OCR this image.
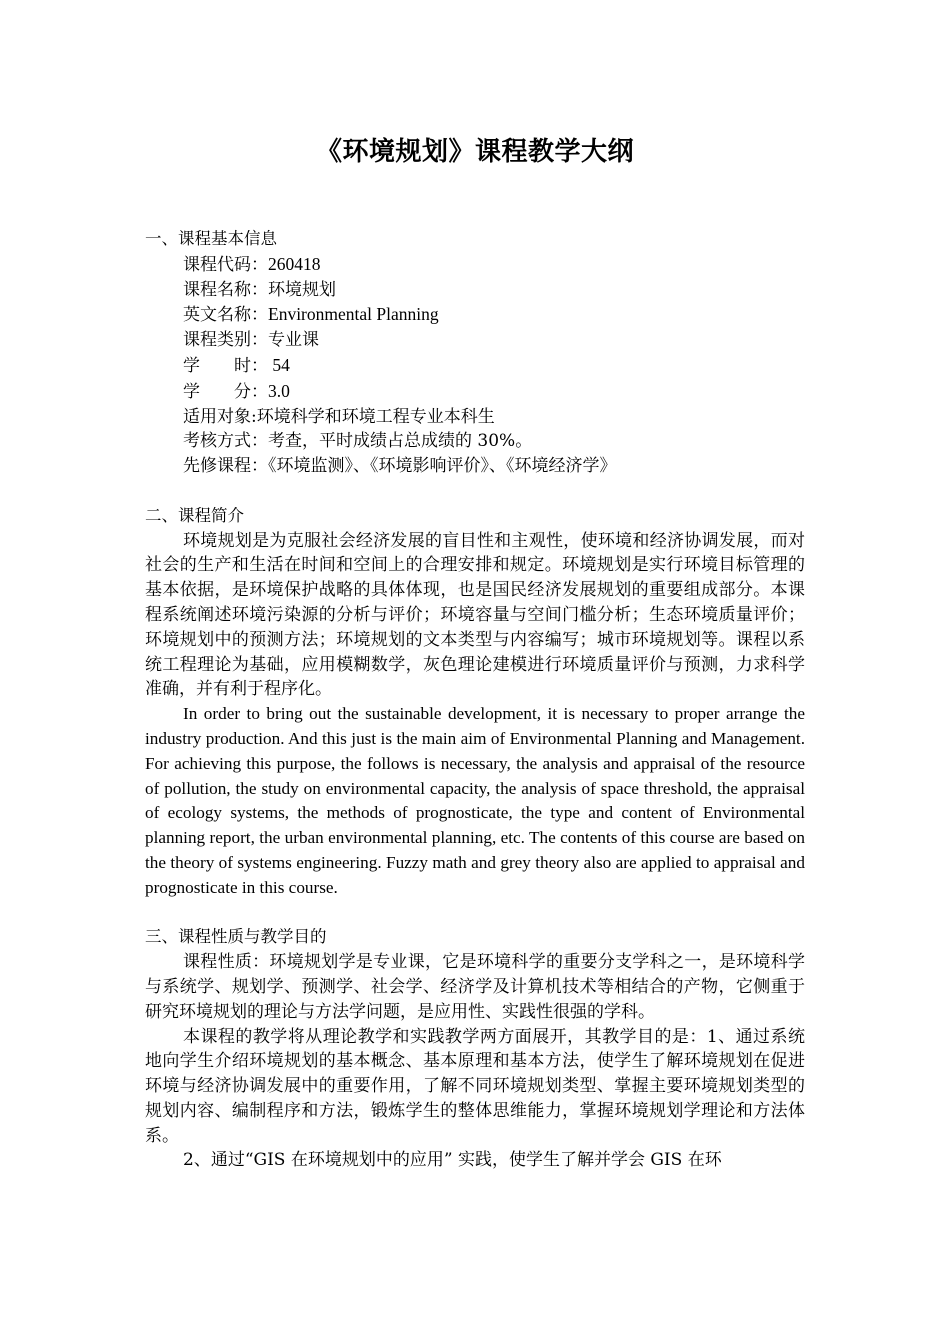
《环境规划》课程教学大纲
一、课程基本信息
课程代码：260418
课程名称：环境规划
英文名称：Environmental Planning
课程类别：专业课
学　　时： 54
学　　分：3.0
适用对象:环境科学和环境工程专业本科生
考核方式：考查，平时成绩占总成绩的 30%。
先修课程：《环境监测》、《环境影响评价》、《环境经济学》
二、课程简介

环境规划是为克服社会经济发展的盲目性和主观性，使环境和经济协调发展，而对社会的生产和生活在时间和空间上的合理安排和规定。环境规划是实行环境目标管理的基本依据，是环境保护战略的具体体现，也是国民经济发展规划的重要组成部分。本课程系统阐述环境污染源的分析与评价；环境容量与空间门槛分析；生态环境质量评价；环境规划中的预测方法；环境规划的文本类型与内容编写；城市环境规划等。课程以系统工程理论为基础，应用模糊数学，灰色理论建模进行环境质量评价与预测，力求科学准确，并有利于程序化。

In order to bring out the sustainable development, it is necessary to proper arrange the industry production. And this just is the main aim of Environmental Planning and Management. For achieving this purpose, the follows is necessary, the analysis and appraisal of the resource of pollution, the study on environmental capacity, the analysis of space threshold, the appraisal of ecology systems, the methods of prognosticate, the type and content of Environmental planning report, the urban environmental planning, etc. The contents of this course are based on the theory of systems engineering. Fuzzy math and grey theory also are applied to appraisal and prognosticate in this course.

三、课程性质与教学目的

课程性质：环境规划学是专业课，它是环境科学的重要分支学科之一，是环境科学与系统学、规划学、预测学、社会学、经济学及计算机技术等相结合的产物，它侧重于研究环境规划的理论与方法学问题，是应用性、实践性很强的学科。

本课程的教学将从理论教学和实践教学两方面展开，其教学目的是：1、通过系统地向学生介绍环境规划的基本概念、基本原理和基本方法，使学生了解环境规划在促进环境与经济协调发展中的重要作用，了解不同环境规划类型、掌握主要环境规划类型的规划内容、编制程序和方法，锻炼学生的整体思维能力，掌握环境规划学理论和方法体系。

2、通过“GIS 在环境规划中的应用” 实践，使学生了解并学会 GIS 在环
